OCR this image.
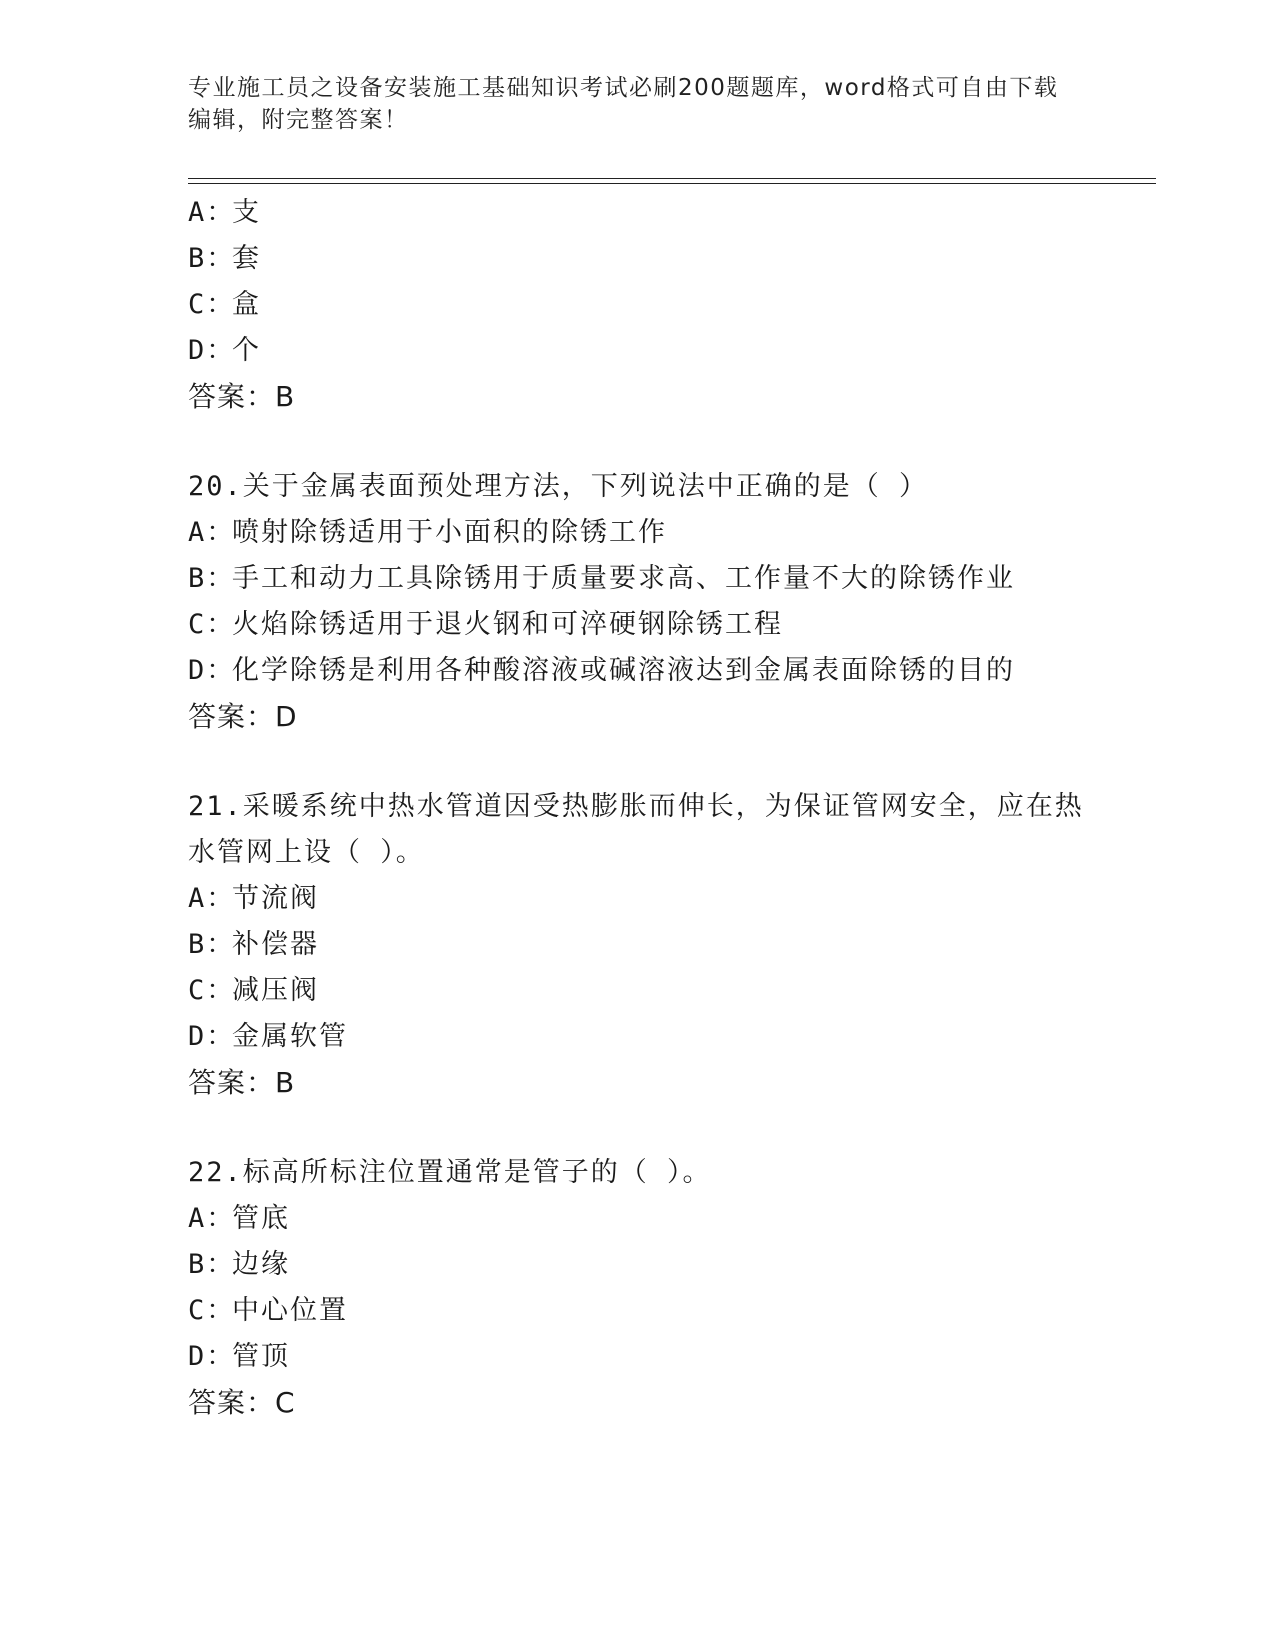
专业施工员之设备安装施工基础知识考试必刷200题题库，word格式可自由下载
编辑，附完整答案！
A：支
B：套
C：盒
D：个
答案：B
20.关于金属表面预处理方法，下列说法中正确的是（ ）
A：喷射除锈适用于小面积的除锈工作
B：手工和动力工具除锈用于质量要求高、工作量不大的除锈作业
C：火焰除锈适用于退火钢和可淬硬钢除锈工程
D：化学除锈是利用各种酸溶液或碱溶液达到金属表面除锈的目的
答案：D
21.采暖系统中热水管道因受热膨胀而伸长，为保证管网安全，应在热
水管网上设（ ）。
A：节流阀
B：补偿器
C：减压阀
D：金属软管
答案：B
22.标高所标注位置通常是管子的（ ）。
A：管底
B：边缘
C：中心位置
D：管顶
答案：C
